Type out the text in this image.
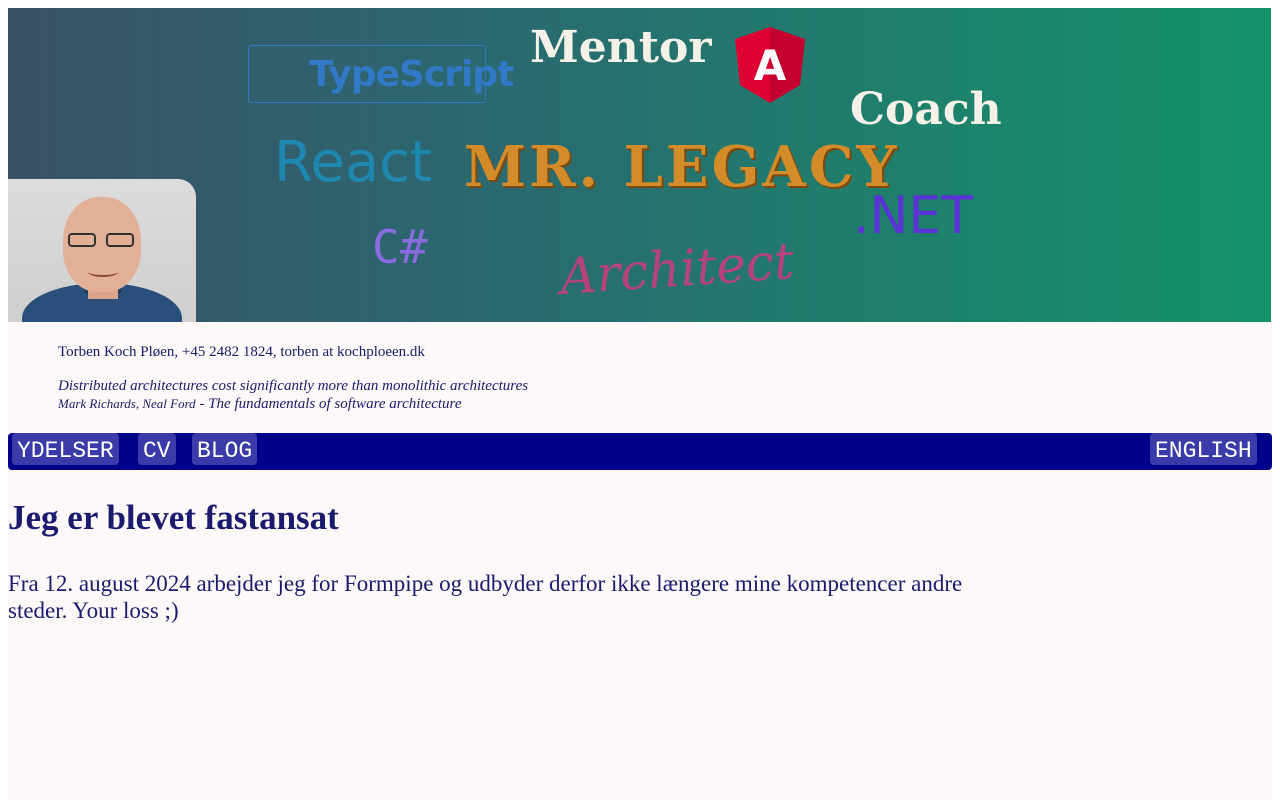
TypeScript
Mentor A
Coach
React MR. LEGACY
.NET
C#	Architect
Torben Koch Pløen, +45 2482 1824, torben at kochploeen.dk
Distributed architectures cost significantly more than monolithic architectures
Mark Richards, Neal Ford - The fundamentals of software architecture
YDELSER CV BLOG	ENGLISH
Jeg er blevet fastansat

Fra 12. august 2024 arbejder jeg for Formpipe og udbyder derfor ikke længere mine kompetencer andre steder. Your loss ;)
